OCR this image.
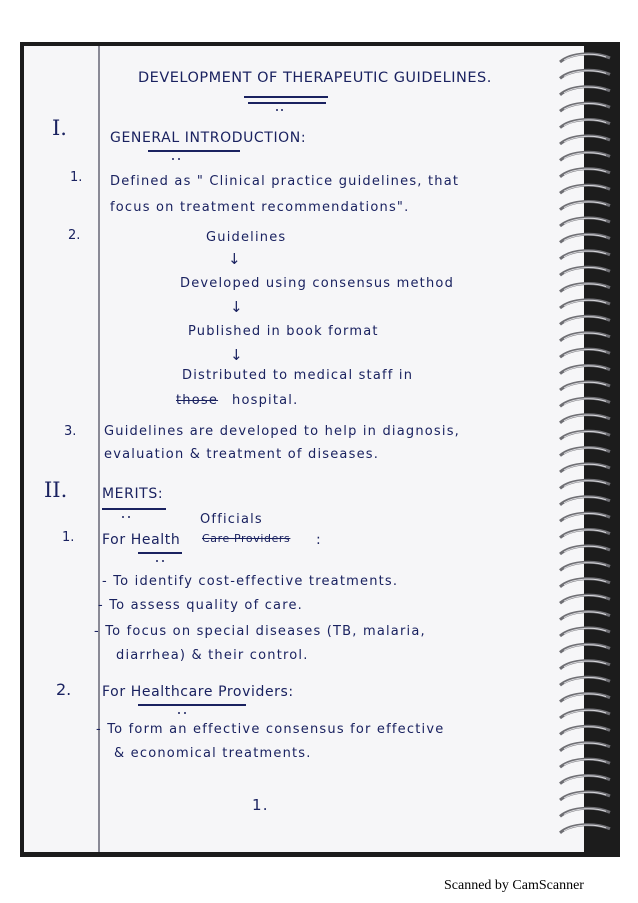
DEVELOPMENT OF THERAPEUTIC GUIDELINES.
I.	GENERAL INTRODUCTION:
1. Defined as " Clinical practice guidelines, that
focus on treatment recommendations".
2.	Guidelines
↓
Developed using consensus method
↓
Published in book format
↓
Distributed to medical staff in
those hospital.
3. Guidelines are developed to help in diagnosis,
evaluation & treatment of diseases.
II. MERITS:
Officials
1. For Health Care Providers :
- To identify cost-effective treatments.
- To assess quality of care.
- To focus on special diseases (TB, malaria,
diarrhea) & their control.
2. For Healthcare Providers:
- To form an effective consensus for effective
& economical treatments.
1.
Scanned by CamScanner
